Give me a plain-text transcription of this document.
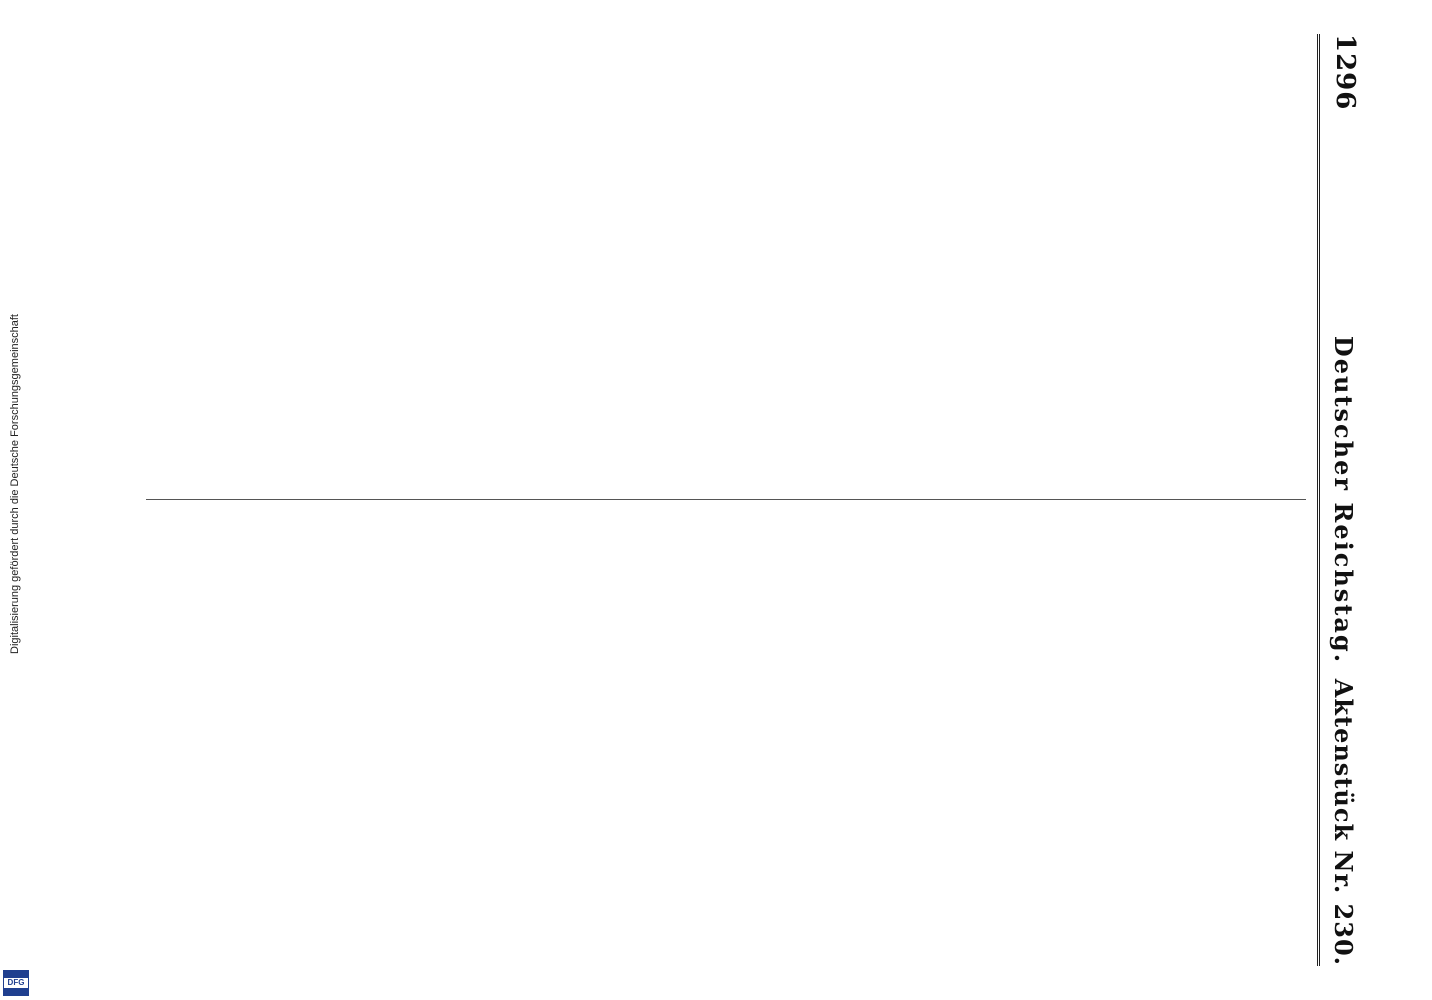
Digitalisierung gefördert durch die Deutsche Forschungsgemeinschaft
DFG
1296
Deutscher Reichstag.
Aktenstück Nr. 230.
